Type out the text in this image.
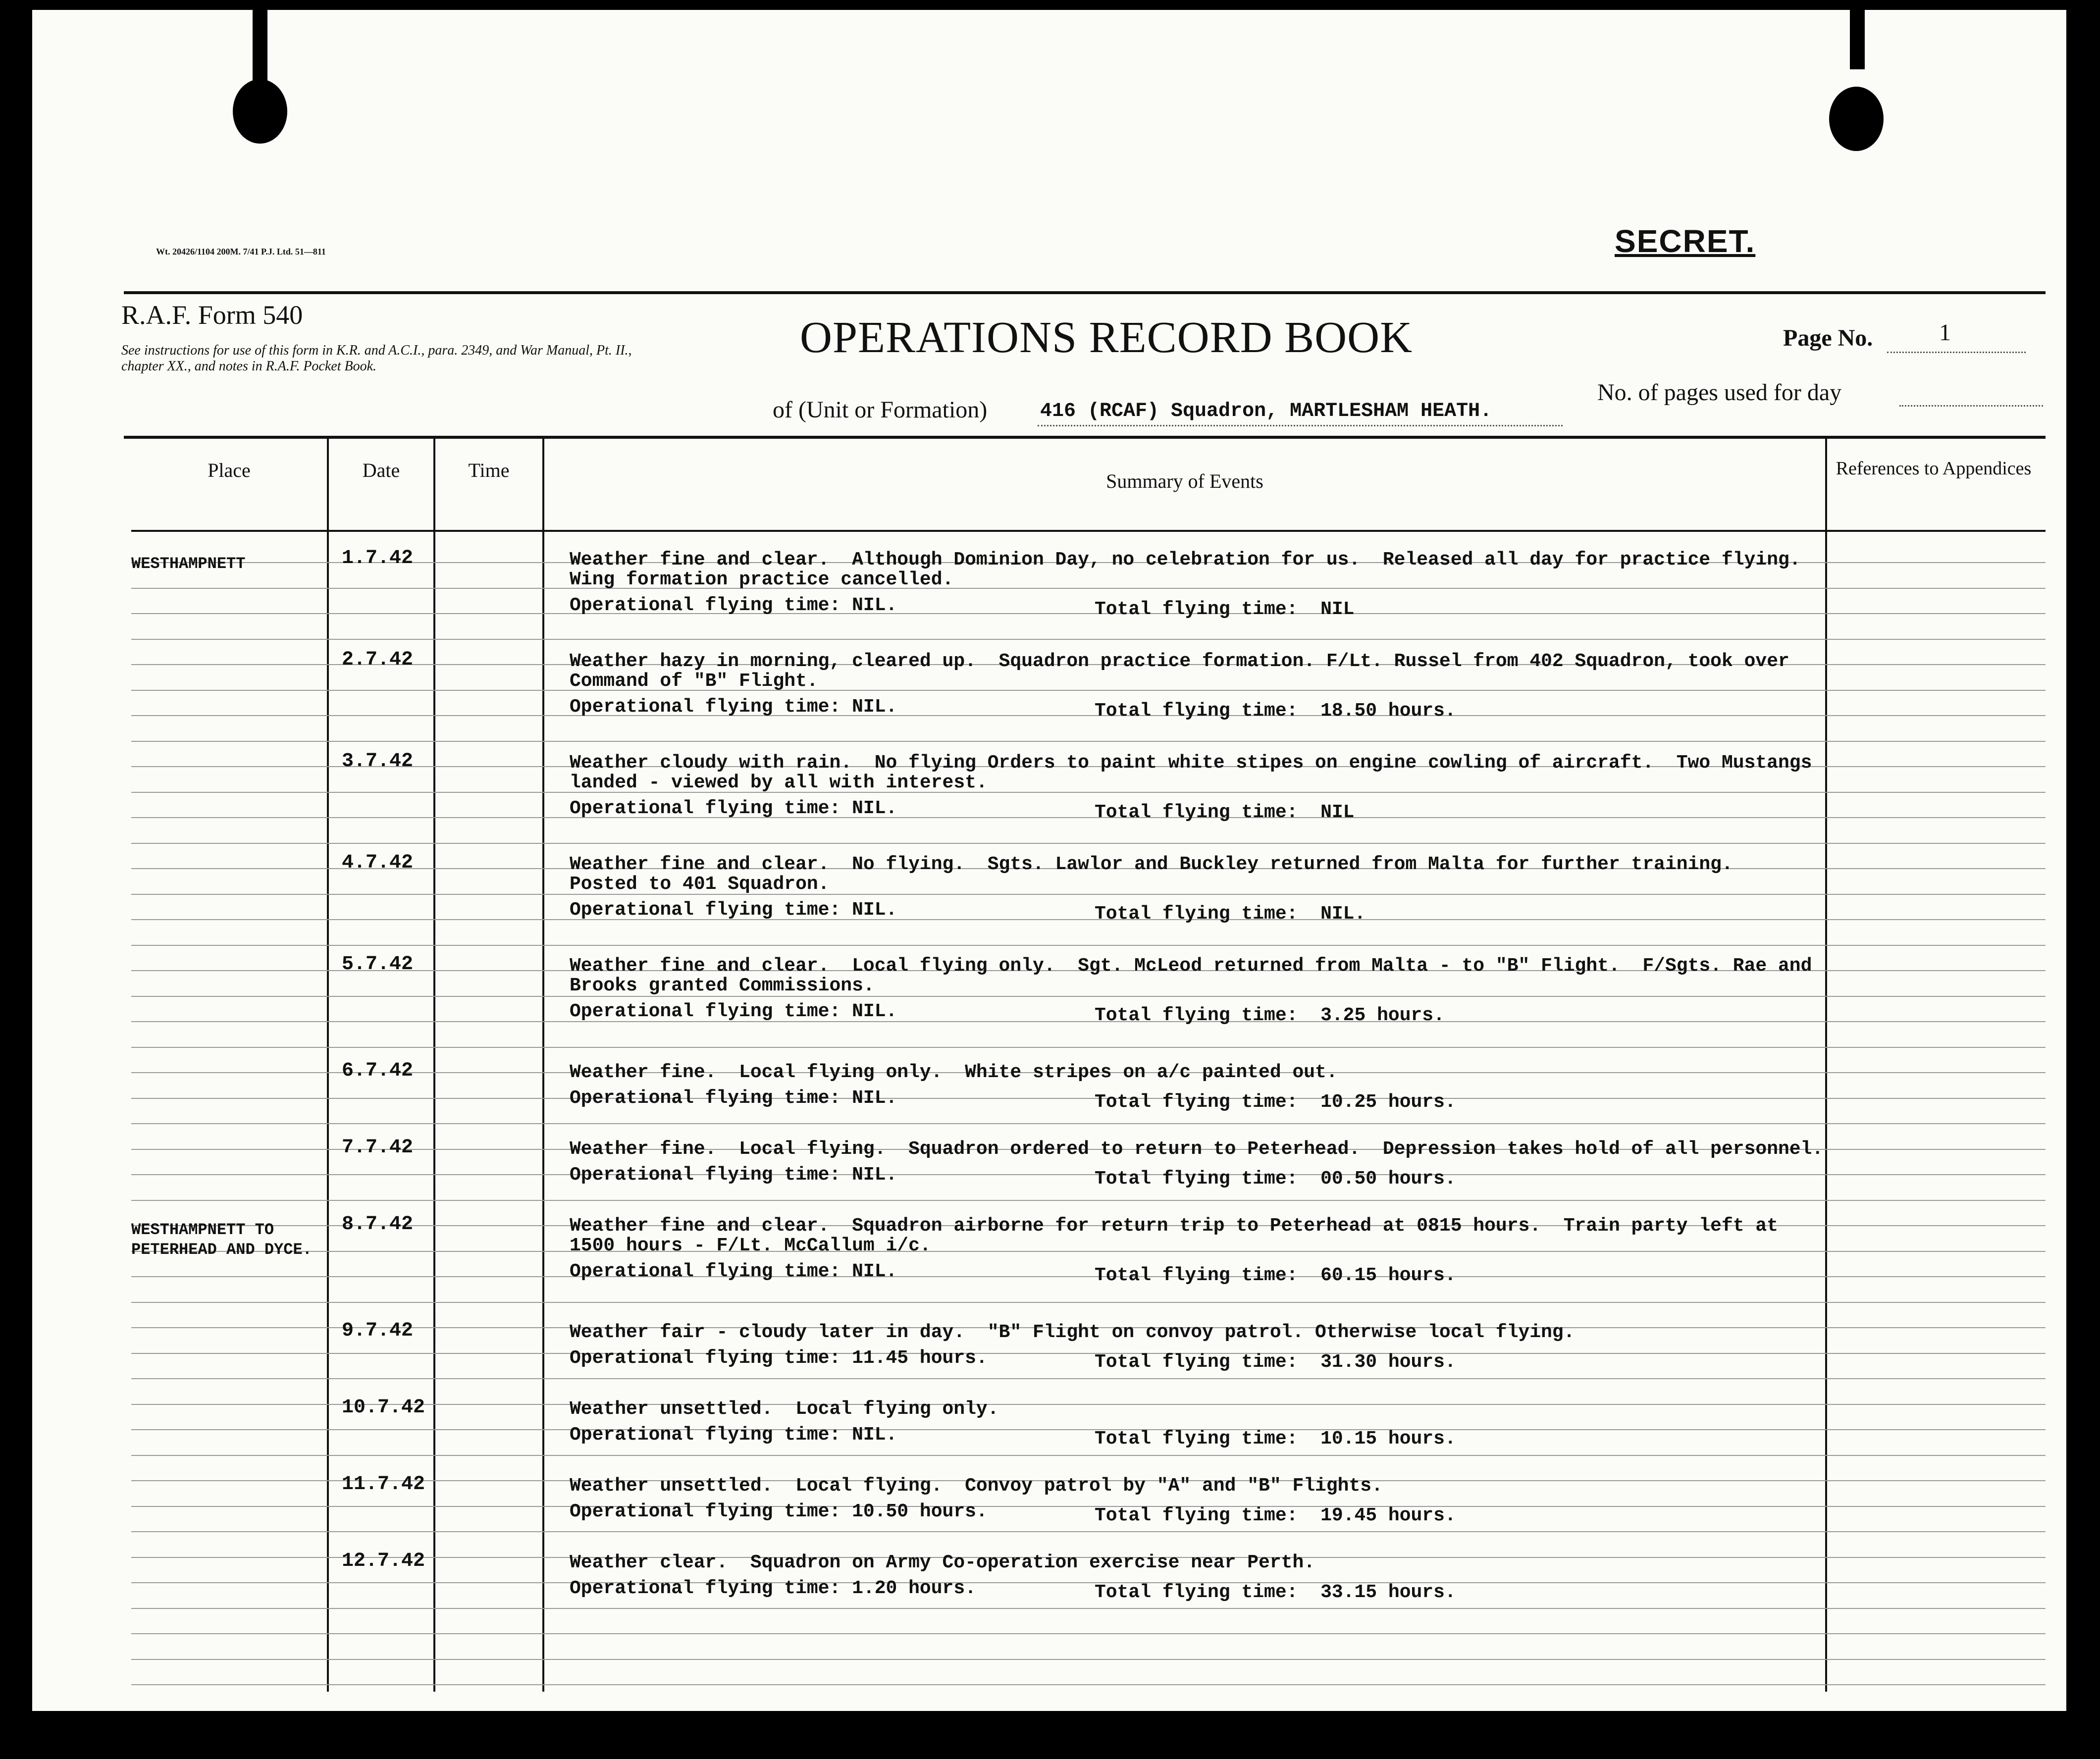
Wt. 20426/1104 200M. 7/41 P.J. Ltd. 51—811	SECRET.
R.A.F. Form 540
See instructions for use of this form in K.R. and A.C.I., para. 2349, and War Manual, Pt. II., chapter XX., and notes in R.A.F. Pocket Book.
OPERATIONS RECORD BOOK	Page No.	1
No. of pages used for day
of (Unit or Formation)	416 (RCAF) Squadron, MARTLESHAM HEATH.
Place	Date	Time	Summary of Events
References to Appendices
WESTHAMPNETT	1.7.42	Weather fine and clear.  Although Dominion Day, no celebration for us.  Released all day for practice flying.
Wing formation practice cancelled.
Operational flying time: NIL.	Total flying time:  NIL
2.7.42	Weather hazy in morning, cleared up.  Squadron practice formation. F/Lt. Russel from 402 Squadron, took over
Command of "B" Flight.
Operational flying time: NIL.	Total flying time:  18.50 hours.
3.7.42	Weather cloudy with rain.  No flying Orders to paint white stipes on engine cowling of aircraft.  Two Mustangs
landed - viewed by all with interest.
Operational flying time: NIL.	Total flying time:  NIL
4.7.42	Weather fine and clear.  No flying.  Sgts. Lawlor and Buckley returned from Malta for further training.
Posted to 401 Squadron.
Operational flying time: NIL.	Total flying time:  NIL.
5.7.42	Weather fine and clear.  Local flying only.  Sgt. McLeod returned from Malta - to "B" Flight.  F/Sgts. Rae and
Brooks granted Commissions.
Operational flying time: NIL.	Total flying time:  3.25 hours.
6.7.42	Weather fine.  Local flying only.  White stripes on a/c painted out.
Operational flying time: NIL.	Total flying time:  10.25 hours.
7.7.42	Weather fine.  Local flying.  Squadron ordered to return to Peterhead.  Depression takes hold of all personnel.
Operational flying time: NIL.	Total flying time:  00.50 hours.
WESTHAMPNETT TO PETERHEAD AND DYCE.
8.7.42	Weather fine and clear.  Squadron airborne for return trip to Peterhead at 0815 hours.  Train party left at
1500 hours - F/Lt. McCallum i/c.
Operational flying time: NIL.	Total flying time:  60.15 hours.
9.7.42	Weather fair - cloudy later in day.  "B" Flight on convoy patrol. Otherwise local flying.
Operational flying time: 11.45 hours.	Total flying time:  31.30 hours.
10.7.42	Weather unsettled.  Local flying only.
Operational flying time: NIL.	Total flying time:  10.15 hours.
11.7.42	Weather unsettled.  Local flying.  Convoy patrol by "A" and "B" Flights.
Operational flying time: 10.50 hours.	Total flying time:  19.45 hours.
12.7.42	Weather clear.  Squadron on Army Co-operation exercise near Perth.
Operational flying time: 1.20 hours.	Total flying time:  33.15 hours.
